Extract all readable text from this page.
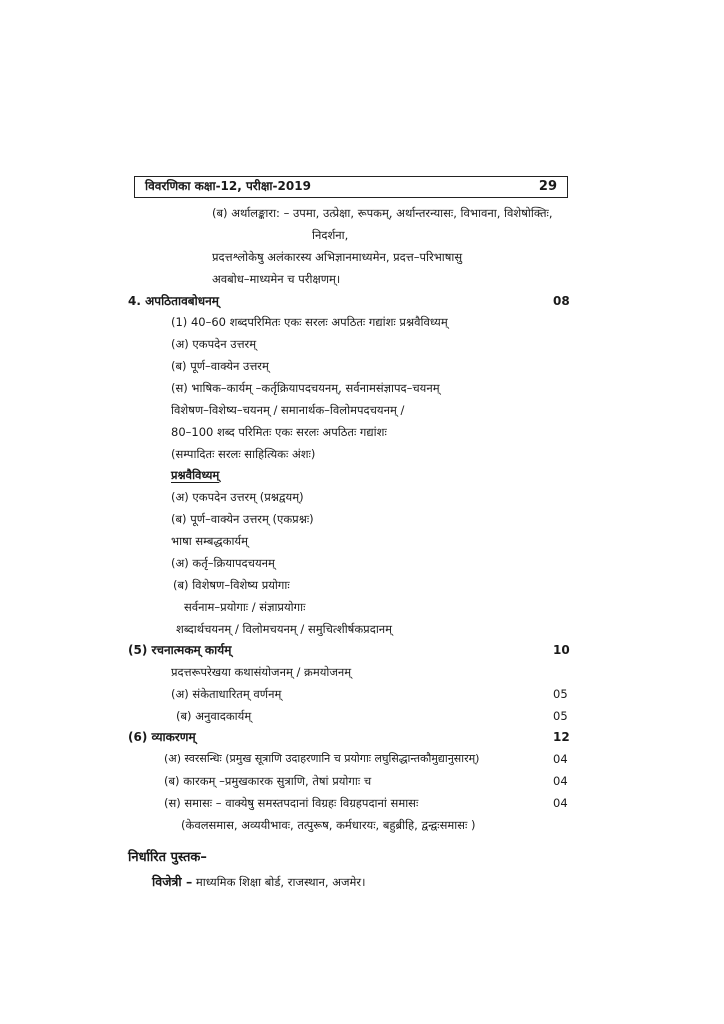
विवरणिका कक्षा-12, परीक्षा-2019	29
(ब) अर्थालङ्कारा: – उपमा, उत्प्रेक्षा, रूपकम्, अर्थान्तरन्यासः, विभावना, विशेषोक्तिः,
निदर्शना,
प्रदत्तश्लोकेषु अलंकारस्य अभिज्ञानमाध्यमेन, प्रदत्त–परिभाषासु
अवबोध–माध्यमेन च परीक्षणम्।
4. अपठितावबोधनम्	08
(1) 40–60 शब्दपरिमितः एकः सरलः अपठितः गद्यांशः प्रश्नवैविध्यम्
(अ) एकपदेन उत्तरम्
(ब) पूर्ण–वाक्येन उत्तरम्
(स) भाषिक–कार्यम् –कर्तृक्रियापदचयनम्, सर्वनामसंज्ञापद–चयनम्
विशेषण–विशेष्य–चयनम् / समानार्थक–विलोमपदचयनम् /
80–100 शब्द परिमितः एकः सरलः अपठितः गद्यांशः
(सम्पादितः सरलः साहित्यिकः अंशः)
प्रश्नवैविध्यम्
(अ) एकपदेन उत्तरम् (प्रश्नद्वयम्)
(ब) पूर्ण–वाक्येन उत्तरम् (एकप्रश्नः)
भाषा सम्बद्धकार्यम्
(अ) कर्तृ–क्रियापदचयनम्
(ब) विशेषण–विशेष्य प्रयोगाः
सर्वनाम–प्रयोगाः / संज्ञाप्रयोगाः
शब्दार्थचयनम् / विलोमचयनम् / समुचित्शीर्षकप्रदानम्
(5) रचनात्मकम् कार्यम्	10
प्रदत्तरूपरेखया कथासंयोजनम् / क्रमयोजनम्
(अ) संकेताधारितम् वर्णनम्	05
(ब) अनुवादकार्यम्	05
(6) व्याकरणम्	12
(अ) स्वरसन्धिः (प्रमुख सूत्राणि उदाहरणानि च प्रयोगाः लघुसिद्धान्तकौमुद्यानुसारम्)	04
(ब) कारकम् –प्रमुखकारक सुत्राणि, तेषां प्रयोगाः च	04
(स) समासः – वाक्येषु समस्तपदानां विग्रहः विग्रहपदानां समासः	04
(केवलसमास, अव्ययीभावः, तत्पुरूष, कर्मधारयः, बहुब्रीहि, द्वन्द्वःसमासः )
निर्धारित पुस्तक–
विजेत्री – माध्यमिक शिक्षा बोर्ड, राजस्थान, अजमेर।
